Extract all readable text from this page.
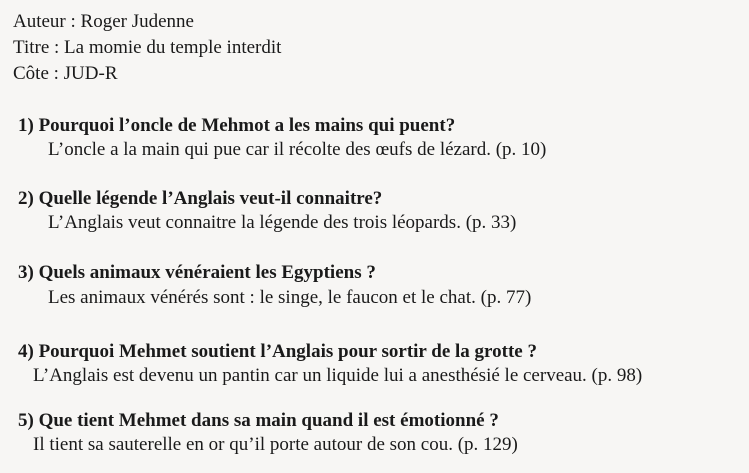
Auteur : Roger Judenne
Titre : La momie du temple interdit
Côte : JUD-R
1) Pourquoi l’oncle de Mehmot a les mains qui puent?
L’oncle a la main qui pue car il récolte des œufs de lézard. (p. 10)
2) Quelle légende l’Anglais veut-il connaitre?
L’Anglais veut connaitre la légende des trois léopards. (p. 33)
3) Quels animaux vénéraient les Egyptiens ?
Les animaux vénérés sont : le singe, le faucon et le chat. (p. 77)
4) Pourquoi Mehmet soutient l’Anglais pour sortir de la grotte ?
L’Anglais est devenu un pantin car un liquide lui a anesthésié le cerveau. (p. 98)
5) Que tient Mehmet dans sa main quand il est émotionné ?
Il tient sa sauterelle en or qu’il porte autour de son cou. (p. 129)
